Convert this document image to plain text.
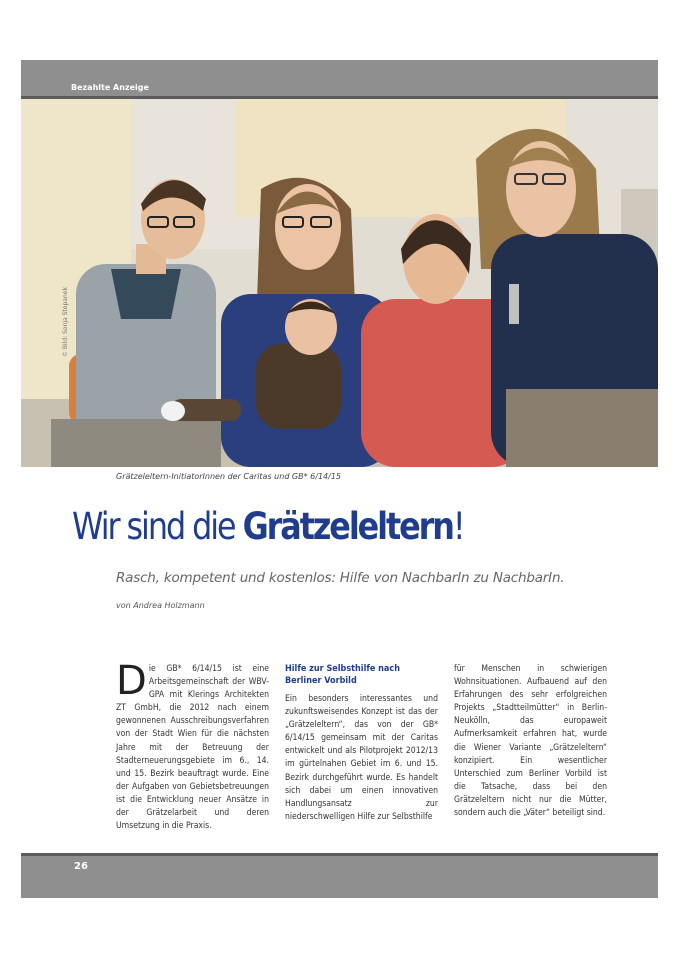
Bezahlte Anzeige
Grätzeleltern-InitiatorInnen der Caritas und GB* 6/14/15
Wir sind die Grätzeleltern!
Rasch, kompetent und kostenlos: Hilfe von NachbarIn zu NachbarIn.
von Andrea Holzmann
Die GB* 6/14/15 ist eine Arbeitsgemeinschaft der WBV-GPA mit Klerings Architekten ZT GmbH, die 2012 nach einem gewonnenen Ausschreibungsverfahren von der Stadt Wien für die nächsten Jahre mit der Betreuung der Stadterneuerungsgebiete im 6., 14. und 15. Bezirk beauftragt wurde. Eine der Aufgaben von Gebietsbetreuungen ist die Entwicklung neuer Ansätze in der Grätzelarbeit und deren Umsetzung in die Praxis.
Hilfe zur Selbsthilfe nach Berliner Vorbild
Ein besonders interessantes und zukunftsweisendes Konzept ist das der „Grätzeleltern“, das von der GB* 6/14/15 gemeinsam mit der Caritas entwickelt und als Pilotprojekt 2012/13 im gürtelnahen Gebiet im 6. und 15. Bezirk durchgeführt wurde. Es handelt sich dabei um einen innovativen Handlungsansatz zur niederschwelligen Hilfe zur Selbsthilfe
für Menschen in schwierigen Wohnsituationen. Aufbauend auf den Erfahrungen des sehr erfolgreichen Projekts „Stadtteilmütter“ in Berlin-Neukölln, das europaweit Aufmerksamkeit erfahren hat, wurde die Wiener Variante „Grätzeleltern“ konzipiert. Ein wesentlicher Unterschied zum Berliner Vorbild ist die Tatsache, dass bei den Grätzeleltern nicht nur die Mütter, sondern auch die „Väter“ beteiligt sind.
26
